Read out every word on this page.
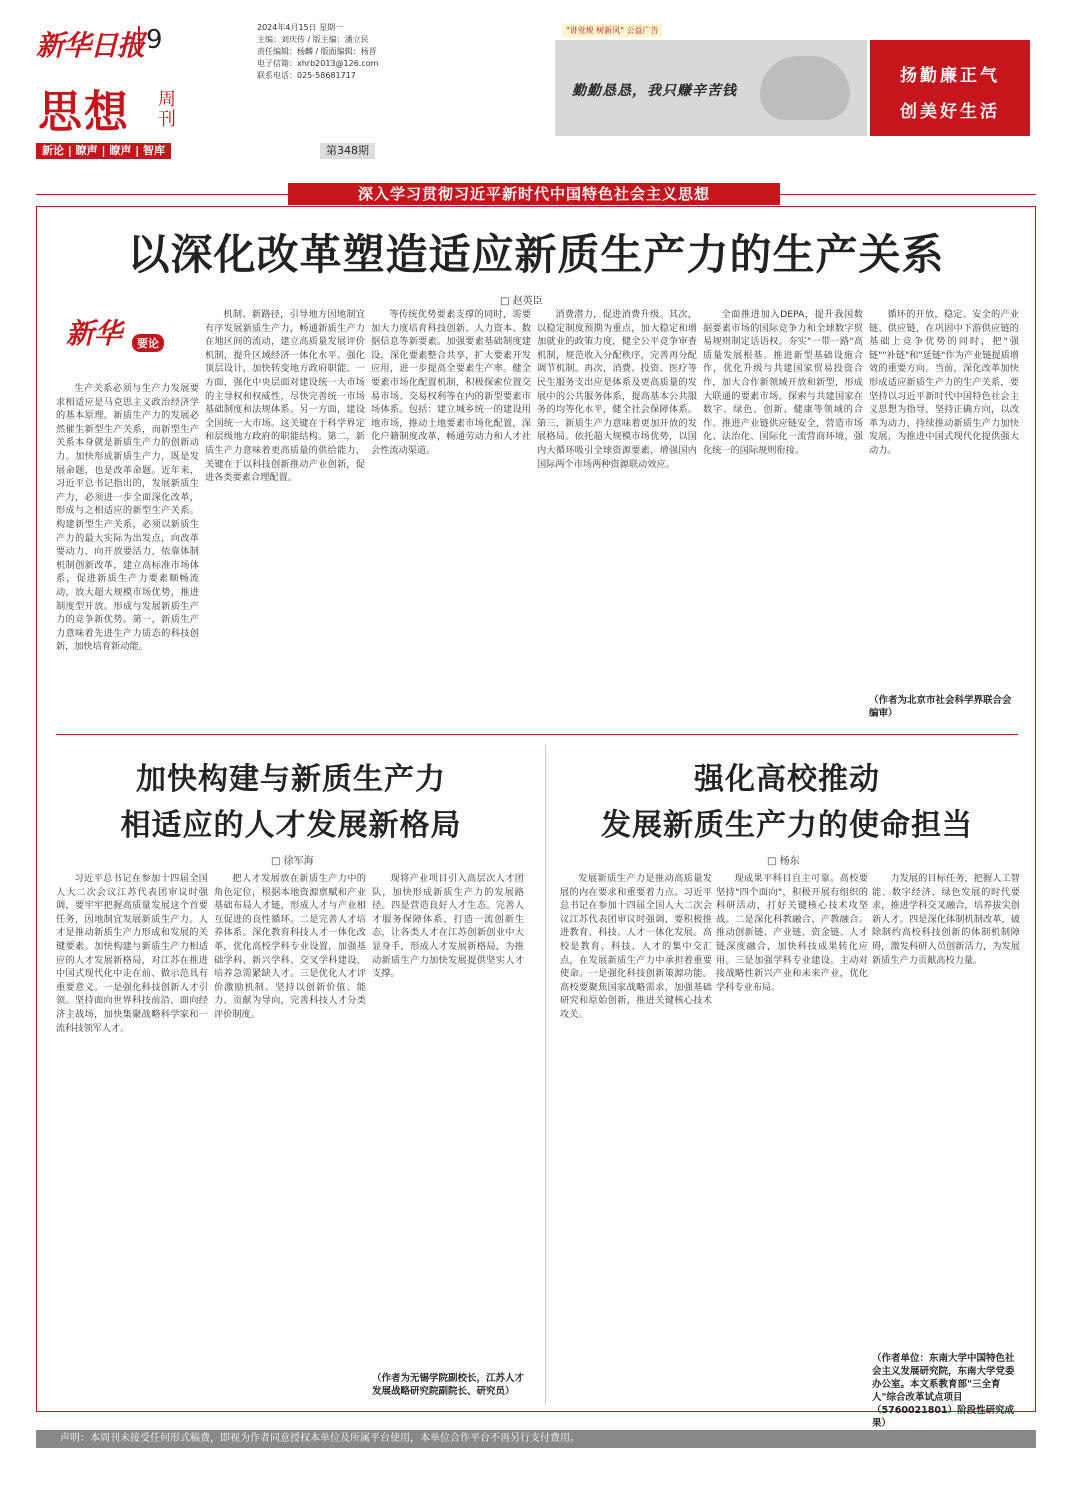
新华日报 9
思想 周刊
新论 | 瞭声 | 瞭声 | 智库	第348期
2024年4月15日 星期一
主编：刘庆传 / 版主编：潘立民
责任编辑：杨麟 / 版面编辑：杨晋
电子信箱：xhrb2013@126.com
联系电话：025-58681717
"讲党规 树新风" 公益广告
勤勤恳恳，我只赚辛苦钱
扬勤廉正气
创美好生活
深入学习贯彻习近平新时代中国特色社会主义思想
以深化改革塑造适应新质生产力的生产关系
□ 赵英臣
新华	要论

生产关系必须与生产力发展要求相适应是马克思主义政治经济学的基本原理。新质生产力的发展必然催生新型生产关系，而新型生产关系本身就是新质生产力的创新动力。加快形成新质生产力，既是发展命题，也是改革命题。近年来，习近平总书记指出的，发展新质生产力，必须进一步全面深化改革，形成与之相适应的新型生产关系。构建新型生产关系，必须以新质生产力的最大实际为出发点，向改革要动力，向开放要活力，依靠体制机制创新改革，建立高标准市场体系，促进新质生产力要素顺畅流动，放大超大规模市场优势，推进制度型开放。形成与发展新质生产力的竞争新优势。第一，新质生产力意味着先进生产力质态的科技创新，加快培育新动能。

机制、新路径，引导地方因地制宜有序发展新质生产力，畅通新质生产力在地区间的流动，建立高质量发展评价机制，提升区域经济一体化水平。强化顶层设计，加快转变地方政府职能。一方面，强化中央层面对建设统一大市场的主导权和权威性，尽快完善统一市场基础制度和法规体系。另一方面，建设全国统一大市场。这关键在于科学界定和层级地方政府的职能结构。第二，新质生产力意味着更高质量的供给能力，关键在于以科技创新推动产业创新，促进各类要素合理配置。

等传统优势要素支撑的同时，需要加大力度培育科技创新、人力资本、数据信息等新要素。加强要素基础制度建设，深化要素整合共享，扩大要素开发应用，进一步提高全要素生产率。健全要素市场化配置机制，积极探索位置交易市场、交易权利等在内的新型要素市场体系。包括：建立城乡统一的建设用地市场，推动土地要素市场化配置，深化户籍制度改革，畅通劳动力和人才社会性流动渠道。

消费潜力，促进消费升级。其次，以稳定制度预期为重点，加大稳定和增加就业的政策力度，健全公平竞争审查机制，规范收入分配秩序，完善再分配调节机制。再次，消费、投资、医疗等民生服务支出应是体系及更高质量的发展中的公共服务体系，提高基本公共服务的均等化水平，健全社会保障体系。第三，新质生产力意味着更加开放的发展格局。依托超大规模市场优势，以国内大循环吸引全球资源要素，增强国内国际两个市场两种资源联动效应。

全面推进加入DEPA，提升我国数据要素市场的国际竞争力和全球数字贸易规则制定话语权。夯实"一带一路"高质量发展根基。推进新型基础设施合作，优化升级与共建国家贸易投资合作，加大合作新领域开放和新型，形成大联通的要素市场。探索与共建国家在数字、绿色、创新、健康等领域的合作。推进产业链供应链安全，营造市场化、法治化、国际化一流营商环境，强化统一的国际规则衔接。

循环的开放，稳定、安全的产业链、供应链，在巩固中下游供应链的基础上竞争优势的同时，把"强链""补链"和"延链"作为产业链提质增效的重要方向。当前，深化改革加快形成适应新质生产力的生产关系，要坚持以习近平新时代中国特色社会主义思想为指导，坚持正确方向，以改革为动力，持续推动新质生产力加快发展，为推进中国式现代化提供强大动力。

（作者为北京市社会科学界联合会编审）
加快构建与新质生产力
相适应的人才发展新格局
□ 徐军海
强化高校推动
发展新质生产力的使命担当
□ 杨东

习近平总书记在参加十四届全国人大二次会议江苏代表团审议时强调，要牢牢把握高质量发展这个首要任务，因地制宜发展新质生产力。人才是推动新质生产力形成和发展的关键要素。加快构建与新质生产力相适应的人才发展新格局，对江苏在推进中国式现代化中走在前、做示范具有重要意义。一是强化科技创新人才引领。坚持面向世界科技前沿、面向经济主战场，加快集聚战略科学家和一流科技领军人才。

把人才发展放在新质生产力中的角色定位，根据本地资源禀赋和产业基础布局人才链，形成人才与产业相互促进的良性循环。二是完善人才培养体系。深化教育科技人才一体化改革，优化高校学科专业设置，加强基础学科、新兴学科、交叉学科建设，培养急需紧缺人才。三是优化人才评价激励机制。坚持以创新价值、能力、贡献为导向，完善科技人才分类评价制度。

现将产业项目引入高层次人才团队，加快形成新质生产力的发展路径。四是营造良好人才生态。完善人才服务保障体系，打造一流创新生态，让各类人才在江苏创新创业中大显身手，形成人才发展新格局，为推动新质生产力加快发展提供坚实人才支撑。

（作者为无锡学院副校长，江苏人才发展战略研究院副院长、研究员）

发展新质生产力是推动高质量发展的内在要求和重要着力点。习近平总书记在参加十四届全国人大二次会议江苏代表团审议时强调，要积极推进教育、科技、人才一体化发展。高校是教育、科技、人才的集中交汇点，在发展新质生产力中承担着重要使命。一是强化科技创新策源功能。高校要聚焦国家战略需求，加强基础研究和原始创新，推进关键核心技术攻关。

现成果平科目自主可靠。高校要坚持"四个面向"，积极开展有组织的科研活动，打好关键核心技术攻坚战。二是深化科教融合、产教融合。推动创新链、产业链、资金链、人才链深度融合，加快科技成果转化应用。三是加强学科专业建设。主动对接战略性新兴产业和未来产业，优化学科专业布局。

力发展的目标任务，把握人工智能、数字经济、绿色发展的时代要求，推进学科交叉融合，培养拔尖创新人才。四是深化体制机制改革，破除制约高校科技创新的体制机制障碍，激发科研人员创新活力，为发展新质生产力贡献高校力量。

（作者单位：东南大学中国特色社会主义发展研究院，东南大学党委办公室。本文系教育部"三全育人"综合改革试点项目（5760021801）阶段性研究成果）
声明：本周刊未接受任何形式稿费，即视为作者同意授权本单位及所属平台使用，本单位合作平台不再另行支付费用。
